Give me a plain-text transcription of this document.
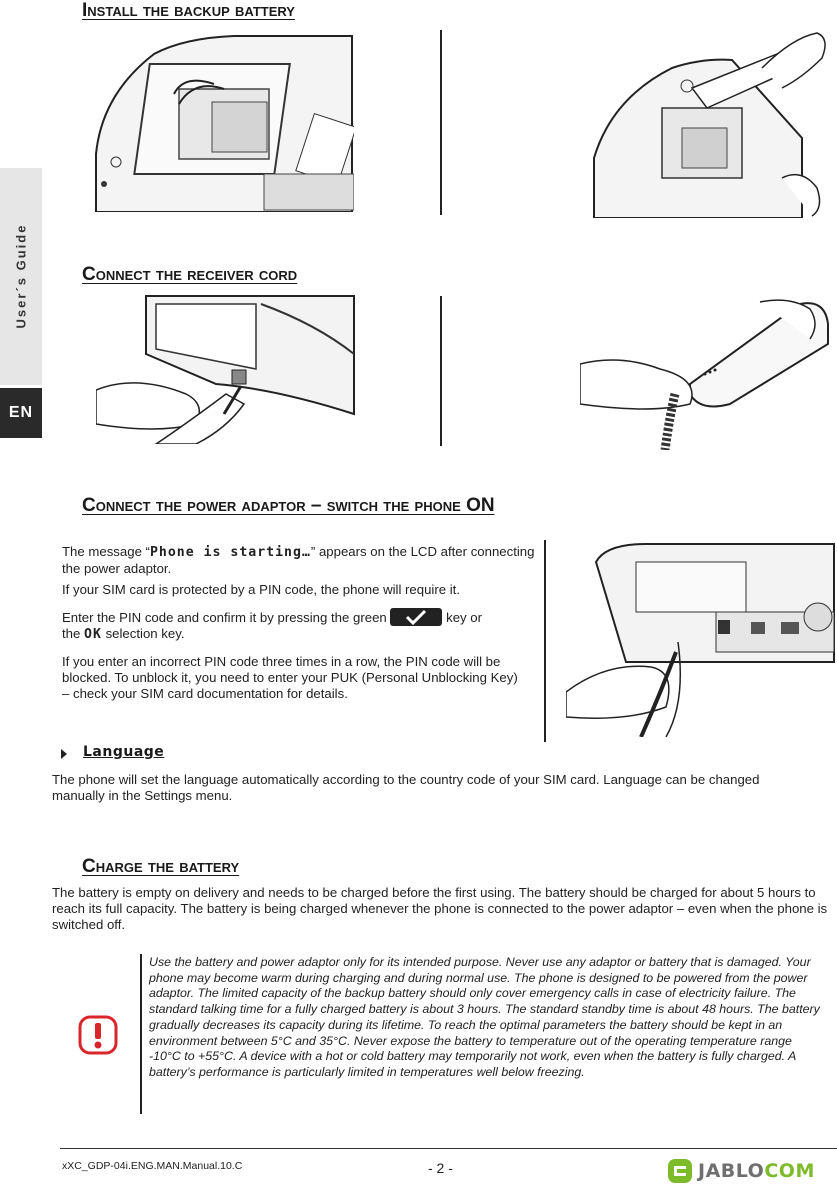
User´s Guide
EN
Install the backup battery
Connect the receiver cord
Connect the power adaptor – switch the phone ON
The message “Phone is starting…” appears on the LCD after connecting the power adaptor.
If your SIM card is protected by a PIN code, the phone will require it.
Enter the PIN code and confirm it by pressing the green	key or
the OK selection key.
If you enter an incorrect PIN code three times in a row, the PIN code will be blocked. To unblock it, you need to enter your PUK (Personal Unblocking Key) – check your SIM card documentation for details.
Language
The phone will set the language automatically according to the country code of your SIM card. Language can be changed manually in the Settings menu.
Charge the battery
The battery is empty on delivery and needs to be charged before the first using. The battery should be charged for about 5 hours to reach its full capacity. The battery is being charged whenever the phone is connected to the power adaptor – even when the phone is switched off.
Use the battery and power adaptor only for its intended purpose. Never use any adaptor or battery that is damaged. Your phone may become warm during charging and during normal use. The phone is designed to be powered from the power adaptor. The limited capacity of the backup battery should only cover emergency calls in case of electricity failure. The standard talking time for a fully charged battery is about 3 hours. The standard standby time is about 48 hours. The battery gradually decreases its capacity during its lifetime. To reach the optimal parameters the battery should be kept in an environment between 5°C and 35°C. Never expose the battery to temperature out of the operating temperature range -10°C to +55°C. A device with a hot or cold battery may temporarily not work, even when the battery is fully charged. A battery’s performance is particularly limited in temperatures well below freezing.
xXC_GDP-04i.ENG.MAN.Manual.10.C	- 2 -	JABLO COM
